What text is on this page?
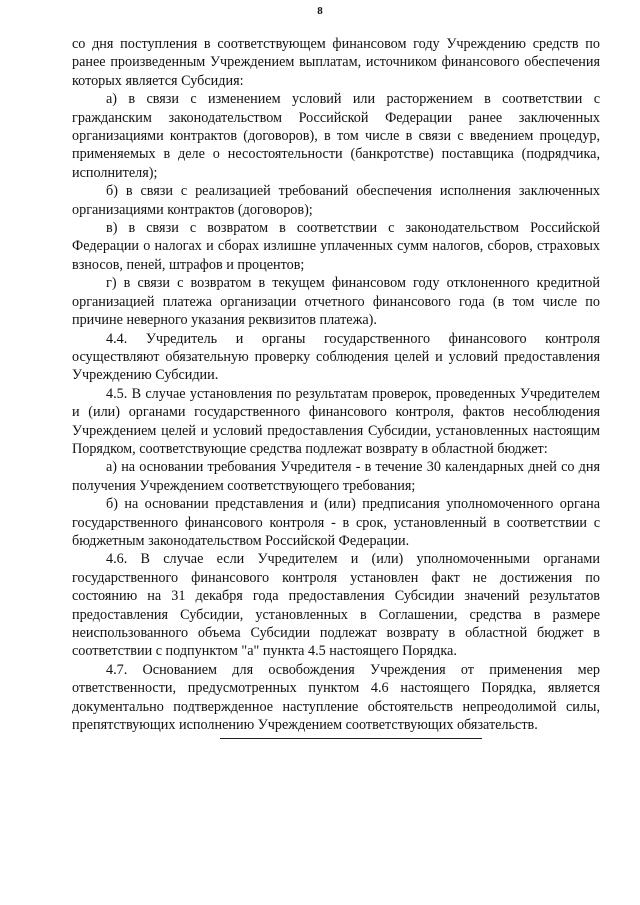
8

со дня поступления в соответствующем финансовом году Учреждению средств по ранее произведенным Учреждением выплатам, источником финансового обеспечения которых является Субсидия:

а) в связи с изменением условий или расторжением в соответствии с гражданским законодательством Российской Федерации ранее заключенных организациями контрактов (договоров), в том числе в связи с введением процедур, применяемых в деле о несостоятельности (банкротстве) поставщика (подрядчика, исполнителя);

б) в связи с реализацией требований обеспечения исполнения заключенных организациями контрактов (договоров);

в) в связи с возвратом в соответствии с законодательством Российской Федерации о налогах и сборах излишне уплаченных сумм налогов, сборов, страховых взносов, пеней, штрафов и процентов;

г) в связи с возвратом в текущем финансовом году отклоненного кредитной организацией платежа организации отчетного финансового года (в том числе по причине неверного указания реквизитов платежа).

4.4. Учредитель и органы государственного финансового контроля осуществляют обязательную проверку соблюдения целей и условий предоставления Учреждению Субсидии.

4.5. В случае установления по результатам проверок, проведенных Учредителем и (или) органами государственного финансового контроля, фактов несоблюдения Учреждением целей и условий предоставления Субсидии, установленных настоящим Порядком, соответствующие средства подлежат возврату в областной бюджет:

а) на основании требования Учредителя - в течение 30 календарных дней со дня получения Учреждением соответствующего требования;

б) на основании представления и (или) предписания уполномоченного органа государственного финансового контроля - в срок, установленный в соответствии с бюджетным законодательством Российской Федерации.

4.6. В случае если Учредителем и (или) уполномоченными органами государственного финансового контроля установлен факт не достижения по состоянию на 31 декабря года предоставления Субсидии значений результатов предоставления Субсидии, установленных в Соглашении, средства в размере неиспользованного объема Субсидии подлежат возврату в областной бюджет в соответствии с подпунктом "а" пункта 4.5 настоящего Порядка.

4.7. Основанием для освобождения Учреждения от применения мер ответственности, предусмотренных пунктом 4.6 настоящего Порядка, является документально подтвержденное наступление обстоятельств непреодолимой силы, препятствующих исполнению Учреждением соответствующих обязательств.
